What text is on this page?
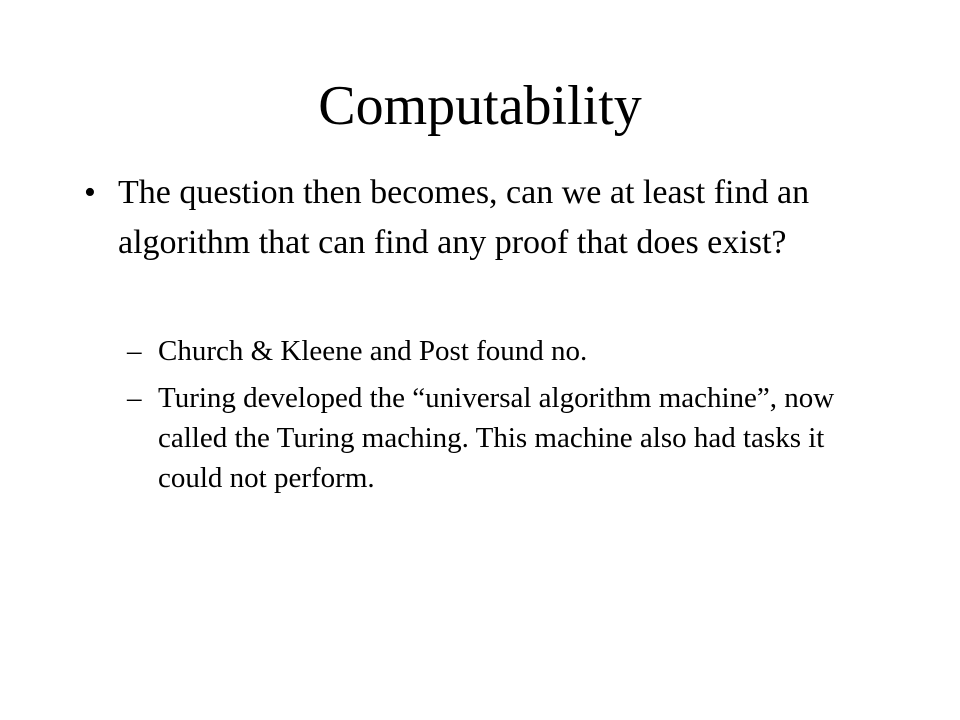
Computability
• The question then becomes, can we at least find an algorithm that can find any proof that does exist?
– Church & Kleene and Post found no.
– Turing developed the “universal algorithm machine”, now called the Turing maching. This machine also had tasks it could not perform.
